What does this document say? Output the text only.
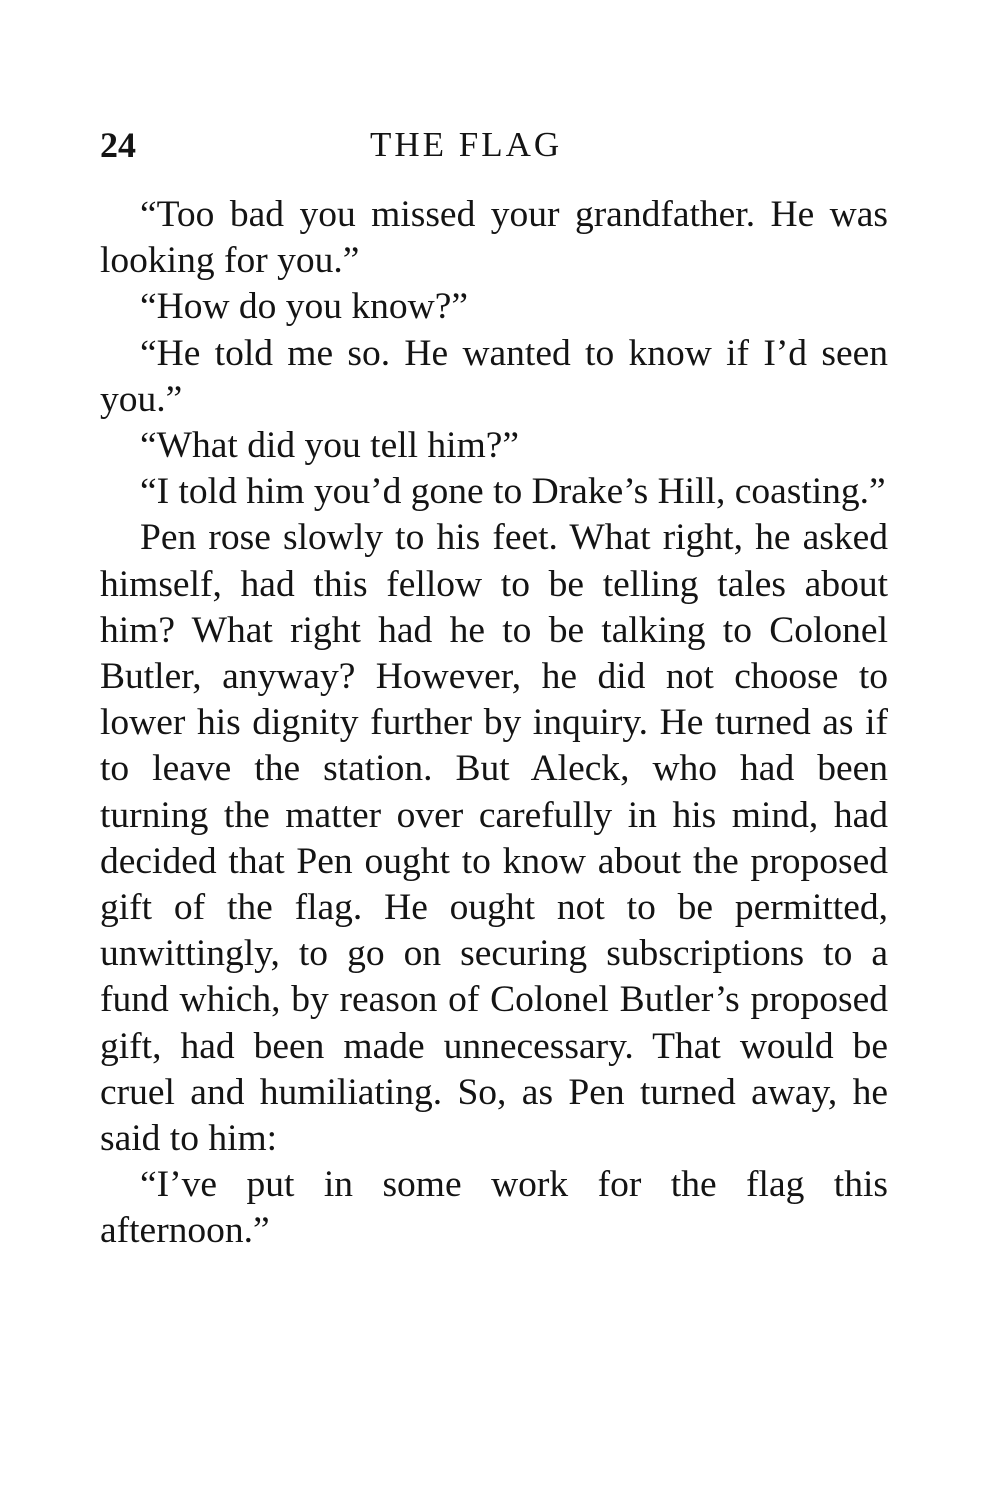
24	THE FLAG

“Too bad you missed your grandfather. He was looking for you.”

“How do you know?”

“He told me so. He wanted to know if I’d seen you.”

“What did you tell him?”

“I told him you’d gone to Drake’s Hill, coasting.”

Pen rose slowly to his feet. What right, he asked himself, had this fellow to be telling tales about him? What right had he to be talking to Colonel Butler, anyway? However, he did not choose to lower his dignity further by inquiry. He turned as if to leave the station. But Aleck, who had been turning the matter over carefully in his mind, had decided that Pen ought to know about the proposed gift of the flag. He ought not to be permitted, unwittingly, to go on securing subscriptions to a fund which, by reason of Colonel Butler’s proposed gift, had been made unnecessary. That would be cruel and humiliating. So, as Pen turned away, he said to him:

“I’ve put in some work for the flag this afternoon.”
